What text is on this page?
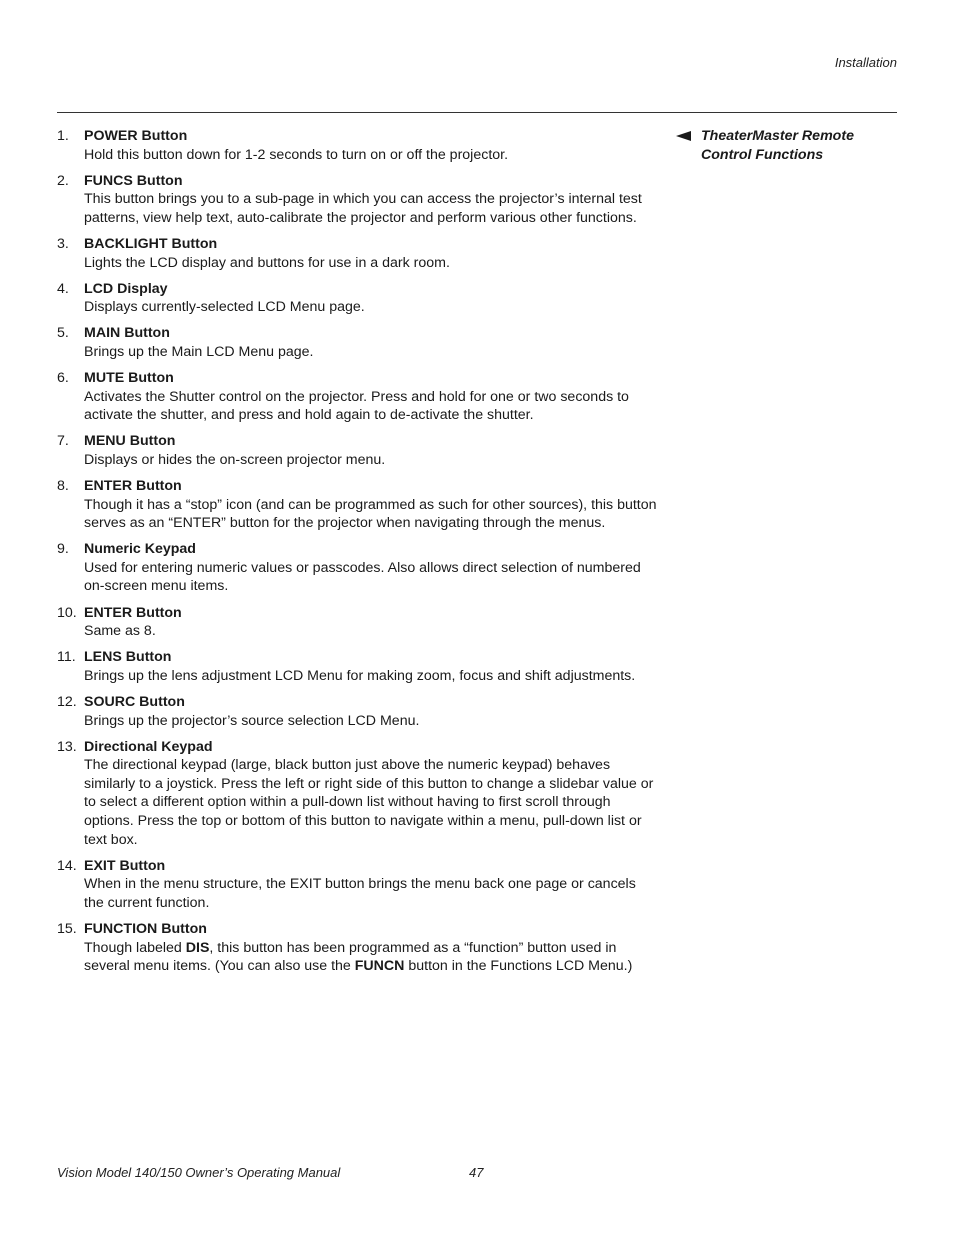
Installation
1. POWER Button
Hold this button down for 1-2 seconds to turn on or off the projector.
2. FUNCS Button
This button brings you to a sub-page in which you can access the projector’s internal test patterns, view help text, auto-calibrate the projector and perform various other functions.
3. BACKLIGHT Button
Lights the LCD display and buttons for use in a dark room.
4. LCD Display
Displays currently-selected LCD Menu page.
5. MAIN Button
Brings up the Main LCD Menu page.
6. MUTE Button
Activates the Shutter control on the projector. Press and hold for one or two seconds to activate the shutter, and press and hold again to de-activate the shutter.
7. MENU Button
Displays or hides the on-screen projector menu.
8. ENTER Button
Though it has a “stop” icon (and can be programmed as such for other sources), this button serves as an “ENTER” button for the projector when navigating through the menus.
9. Numeric Keypad
Used for entering numeric values or passcodes. Also allows direct selection of numbered on-screen menu items.
10. ENTER Button
Same as 8.
11. LENS Button
Brings up the lens adjustment LCD Menu for making zoom, focus and shift adjustments.
12. SOURC Button
Brings up the projector’s source selection LCD Menu.
13. Directional Keypad
The directional keypad (large, black button just above the numeric keypad) behaves similarly to a joystick. Press the left or right side of this button to change a slidebar value or to select a different option within a pull-down list without having to first scroll through options. Press the top or bottom of this button to navigate within a menu, pull-down list or text box.
14. EXIT Button
When in the menu structure, the EXIT button brings the menu back one page or cancels the current function.
15. FUNCTION Button
Though labeled DIS, this button has been programmed as a “function” button used in several menu items. (You can also use the FUNCN button in the Functions LCD Menu.)
TheaterMaster Remote
Control Functions
Vision Model 140/150 Owner’s Operating Manual	47
